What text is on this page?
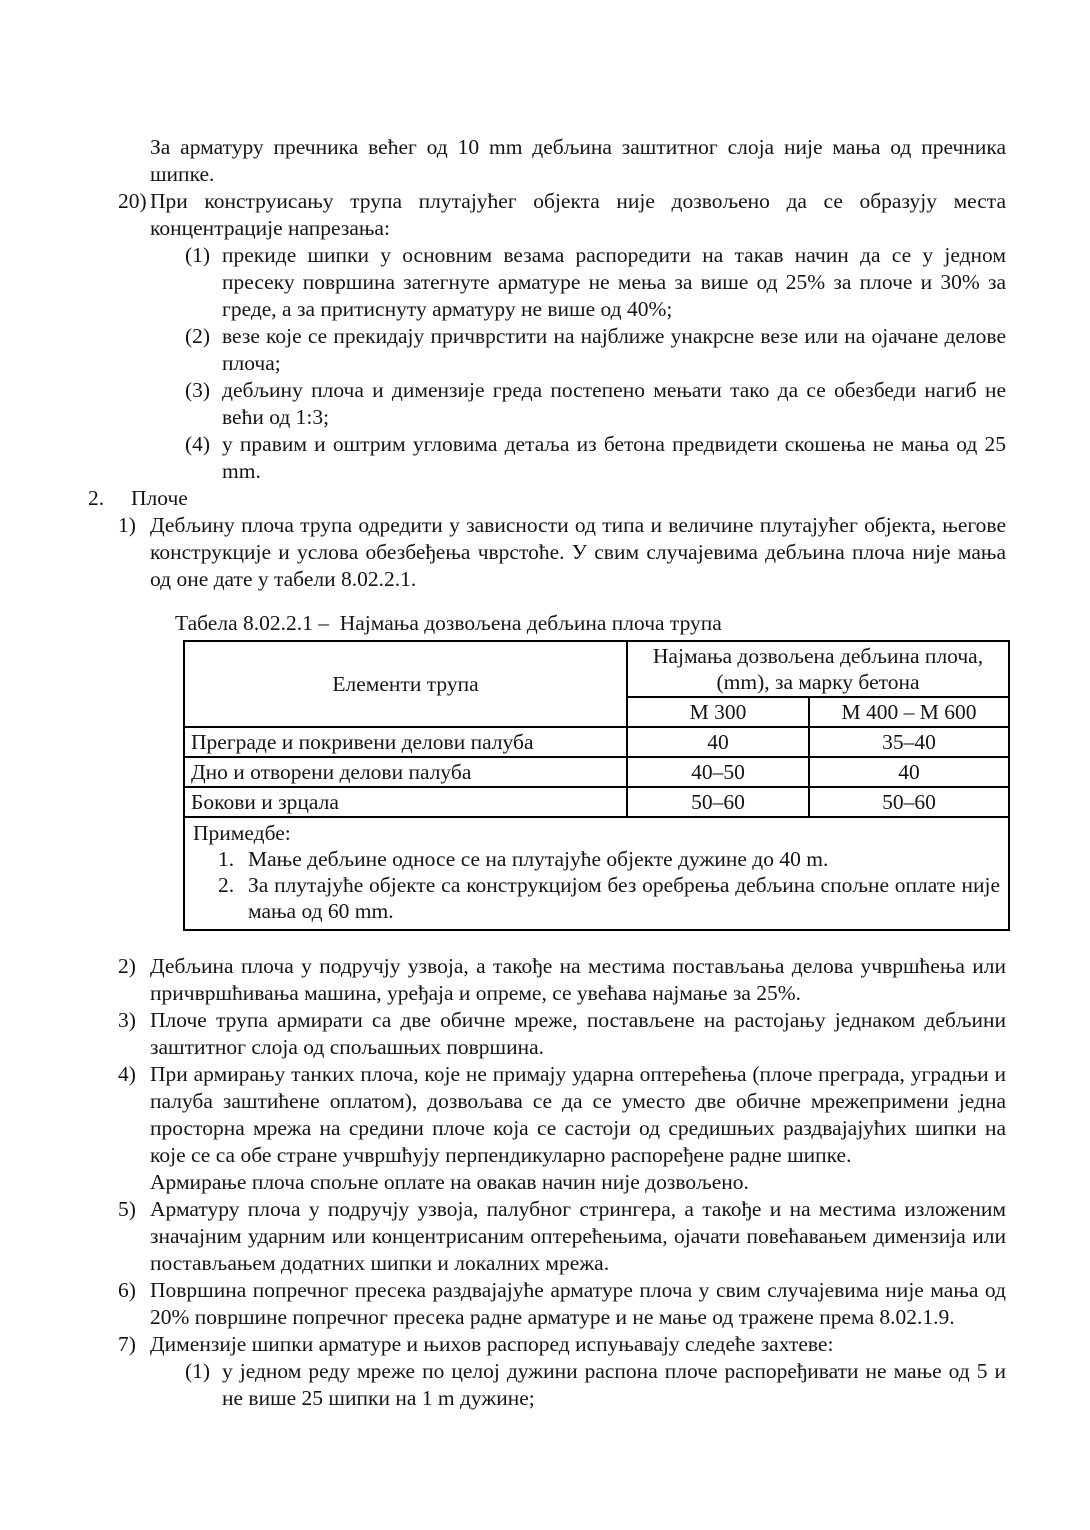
За арматуру пречника већег од 10 mm дебљина заштитног слоја није мања од пречника шипке.

20) При конструисању трупа плутајућег објекта није дозвољено да се образују места концентрације напрезања:
(1) прекиде шипки у основним везама распоредити на такав начин да се у једном пресеку површина затегнуте арматуре не мења за више од 25% за плоче и 30% за греде, а за притиснуту арматуру не више од 40%;
(2) везе које се прекидају причврстити на најближе унакрсне везе или на ојачане делове плоча;
(3) дебљину плоча и димензије греда постепено мењати тако да се обезбеди нагиб не већи од 1:3;
(4) у правим и оштрим угловима детаља из бетона предвидети скошења не мања од 25 mm.
2.	Плоче
1) Дебљину плоча трупа одредити у зависности од типа и величине плутајућег објекта, његове конструкције и услова обезбеђења чврстоће. У свим случајевима дебљина плоча није мања од оне дате у табели 8.02.2.1.
Табела 8.02.2.1 –  Најмања дозвољена дебљина плоча трупа
Елементи трупа	Најмања дозвољена дебљина плоча, (mm), за марку бетона	
	М 300	М 400 – М 600
Преграде и покривени делови палуба	40	35–40
Дно и отворени делови палуба	40–50	40
Бокови и зрцала	50–60	50–60

Примедбе:
1. Мање дебљине односе се на плутајуће објекте дужине до 40 m.
2. За плутајуће објекте са конструкцијом без оребрења дебљина спољне оплате није мања од 60 mm.		
2) Дебљина плоча у подручју узвоја, а такође на местима постављања делова учвршћења или причвршћивања машина, уређаја и опреме, се увећава најмање за 25%.
3) Плоче трупа армирати са две обичне мреже, постављене на растојању једнаком дебљини заштитног слоја од спољашњих површина.
4) При армирању танких плоча, које не примају ударна оптерећења (плоче преграда, уградњи и палуба заштићене оплатом), дозвољава се да се уместо две обичне мрежепримени једна просторна мрежа на средини плоче која се састоји од средишњих раздвајајућих шипки на које се са обе стране учвршћују перпендикуларно распоређене радне шипке.
Армирање плоча спољне оплате на овакав начин није дозвољено.
5) Арматуру плоча у подручју узвоја, палубног стрингера, а такође и на местима изложеним значајним ударним или концентрисаним оптерећењима, ојачати повећавањем димензија или постављањем додатних шипки и локалних мрежа.
6) Површина попречног пресека раздвајајуће арматуре плоча у свим случајевима није мања од 20% површине попречног пресека радне арматуре и не мање од тражене према 8.02.1.9.
7) Димензије шипки арматуре и њихов распоред испуњавају следеће захтеве:
(1) у једном реду мреже по целој дужини распона плоче распоређивати не мање од 5 и не више 25 шипки на 1 m дужине;
